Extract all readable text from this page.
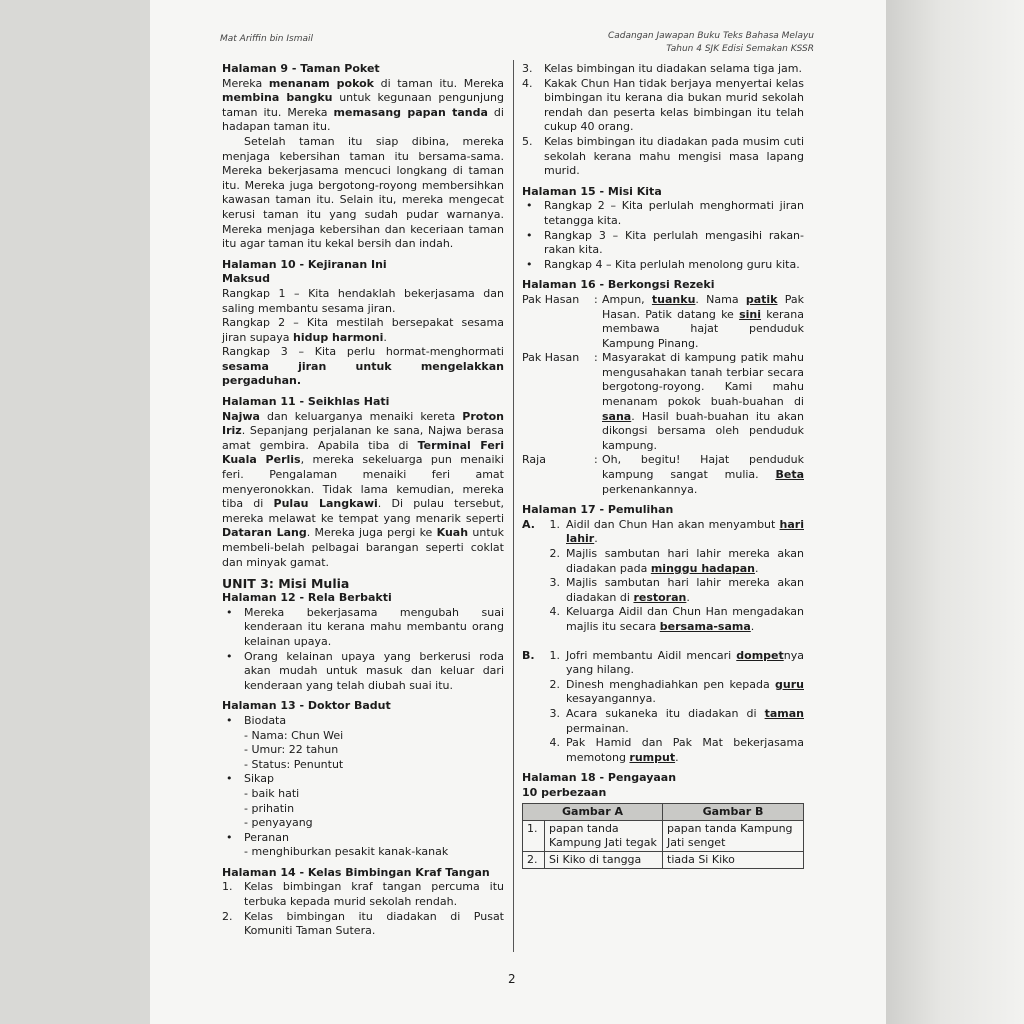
Mat Ariffin bin Ismail	Cadangan Jawapan Buku Teks Bahasa Melayu
Tahun 4 SJK Edisi Semakan KSSR
Halaman 9 - Taman Poket

Mereka menanam pokok di taman itu. Mereka membina bangku untuk kegunaan pengunjung taman itu. Mereka memasang papan tanda di hadapan taman itu.

Setelah taman itu siap dibina, mereka menjaga kebersihan taman itu bersama-sama. Mereka bekerjasama mencuci longkang di taman itu. Mereka juga bergotong-royong membersihkan kawasan taman itu. Selain itu, mereka mengecat kerusi taman itu yang sudah pudar warnanya. Mereka menjaga kebersihan dan keceriaan taman itu agar taman itu kekal bersih dan indah.

Halaman 10 - Kejiranan Ini
Maksud

Rangkap 1 – Kita hendaklah bekerjasama dan saling membantu sesama jiran.

Rangkap 2 – Kita mestilah bersepakat sesama jiran supaya hidup harmoni.

Rangkap 3 – Kita perlu hormat-menghormati sesama jiran untuk mengelakkan pergaduhan.

Halaman 11 - Seikhlas Hati

Najwa dan keluarganya menaiki kereta Proton Iriz. Sepanjang perjalanan ke sana, Najwa berasa amat gembira. Apabila tiba di Terminal Feri Kuala Perlis, mereka sekeluarga pun menaiki feri. Pengalaman menaiki feri amat menyeronokkan. Tidak lama kemudian, mereka tiba di Pulau Langkawi. Di pulau tersebut, mereka melawat ke tempat yang menarik seperti Dataran Lang. Mereka juga pergi ke Kuah untuk membeli-belah pelbagai barangan seperti coklat dan minyak gamat.

UNIT 3: Misi Mulia
Halaman 12 - Rela Berbakti
•	Mereka bekerjasama mengubah suai kenderaan itu kerana mahu membantu orang kelainan upaya.
•	Orang kelainan upaya yang berkerusi roda akan mudah untuk masuk dan keluar dari kenderaan yang telah diubah suai itu.
Halaman 13 - Doktor Badut
•	Biodata
- Nama: Chun Wei
- Umur: 22 tahun
- Status: Penuntut
•	Sikap
- baik hati
- prihatin
- penyayang
•	Peranan
- menghiburkan pesakit kanak-kanak
Halaman 14 - Kelas Bimbingan Kraf Tangan
1.	Kelas bimbingan kraf tangan percuma itu terbuka kepada murid sekolah rendah.
2.	Kelas bimbingan itu diadakan di Pusat Komuniti Taman Sutera.
3.	Kelas bimbingan itu diadakan selama tiga jam.
4.	Kakak Chun Han tidak berjaya menyertai kelas bimbingan itu kerana dia bukan murid sekolah rendah dan peserta kelas bimbingan itu telah cukup 40 orang.
5.	Kelas bimbingan itu diadakan pada musim cuti sekolah kerana mahu mengisi masa lapang murid.
Halaman 15 - Misi Kita
•	Rangkap 2 – Kita perlulah menghormati jiran tetangga kita.
•	Rangkap 3 – Kita perlulah mengasihi rakan-rakan kita.
•	Rangkap 4 – Kita perlulah menolong guru kita.
Halaman 16 - Berkongsi Rezeki
Pak Hasan	: Ampun, tuanku. Nama patik Pak Hasan. Patik datang ke sini kerana membawa hajat penduduk Kampung Pinang.
Pak Hasan	: Masyarakat di kampung patik mahu mengusahakan tanah terbiar secara bergotong-royong. Kami mahu menanam pokok buah-buahan di sana. Hasil buah-buahan itu akan dikongsi bersama oleh penduduk kampung.
Raja	: Oh, begitu! Hajat penduduk kampung sangat mulia. Beta perkenankannya.
Halaman 17 - Pemulihan
A.	1. Aidil dan Chun Han akan menyambut hari lahir.
2. Majlis sambutan hari lahir mereka akan diadakan pada minggu hadapan.
3. Majlis sambutan hari lahir mereka akan diadakan di restoran.
4. Keluarga Aidil dan Chun Han mengadakan majlis itu secara bersama-sama.
B.	1. Jofri membantu Aidil mencari dompetnya yang hilang.
2. Dinesh menghadiahkan pen kepada guru kesayangannya.
3. Acara sukaneka itu diadakan di taman permainan.
4. Pak Hamid dan Pak Mat bekerjasama memotong rumput.
Halaman 18 - Pengayaan
10 perbezaan
Gambar A		Gambar B
1.	papan tanda Kampung Jati tegak	papan tanda Kampung Jati senget
2.	Si Kiko di tangga	tiada Si Kiko
2
